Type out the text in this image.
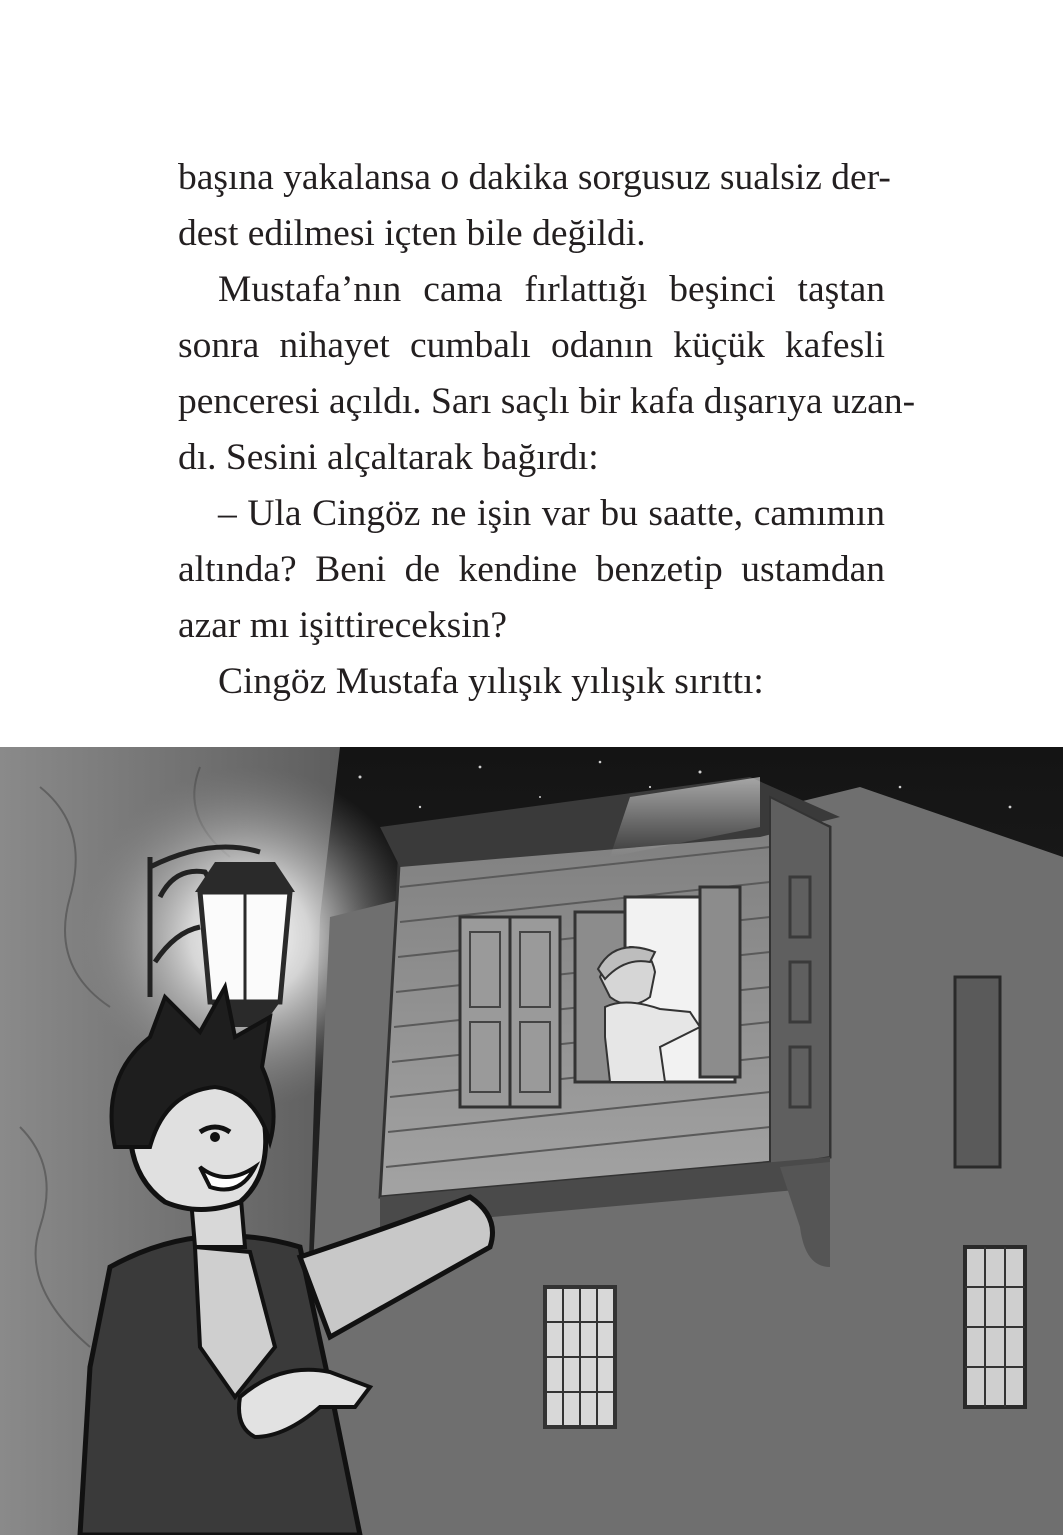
başına yakalansa o dakika sorgusuz sualsiz der-
dest edilmesi içten bile değildi.

Mustafa’nın cama fırlattığı beşinci taştan
sonra nihayet cumbalı odanın küçük kafesli
penceresi açıldı. Sarı saçlı bir kafa dışarıya uzan-
dı. Sesini alçaltarak bağırdı:

– Ula Cingöz ne işin var bu saatte, camımın
altında? Beni de kendine benzetip ustamdan
azar mı işittireceksin?

Cingöz Mustafa yılışık yılışık sırıttı:
